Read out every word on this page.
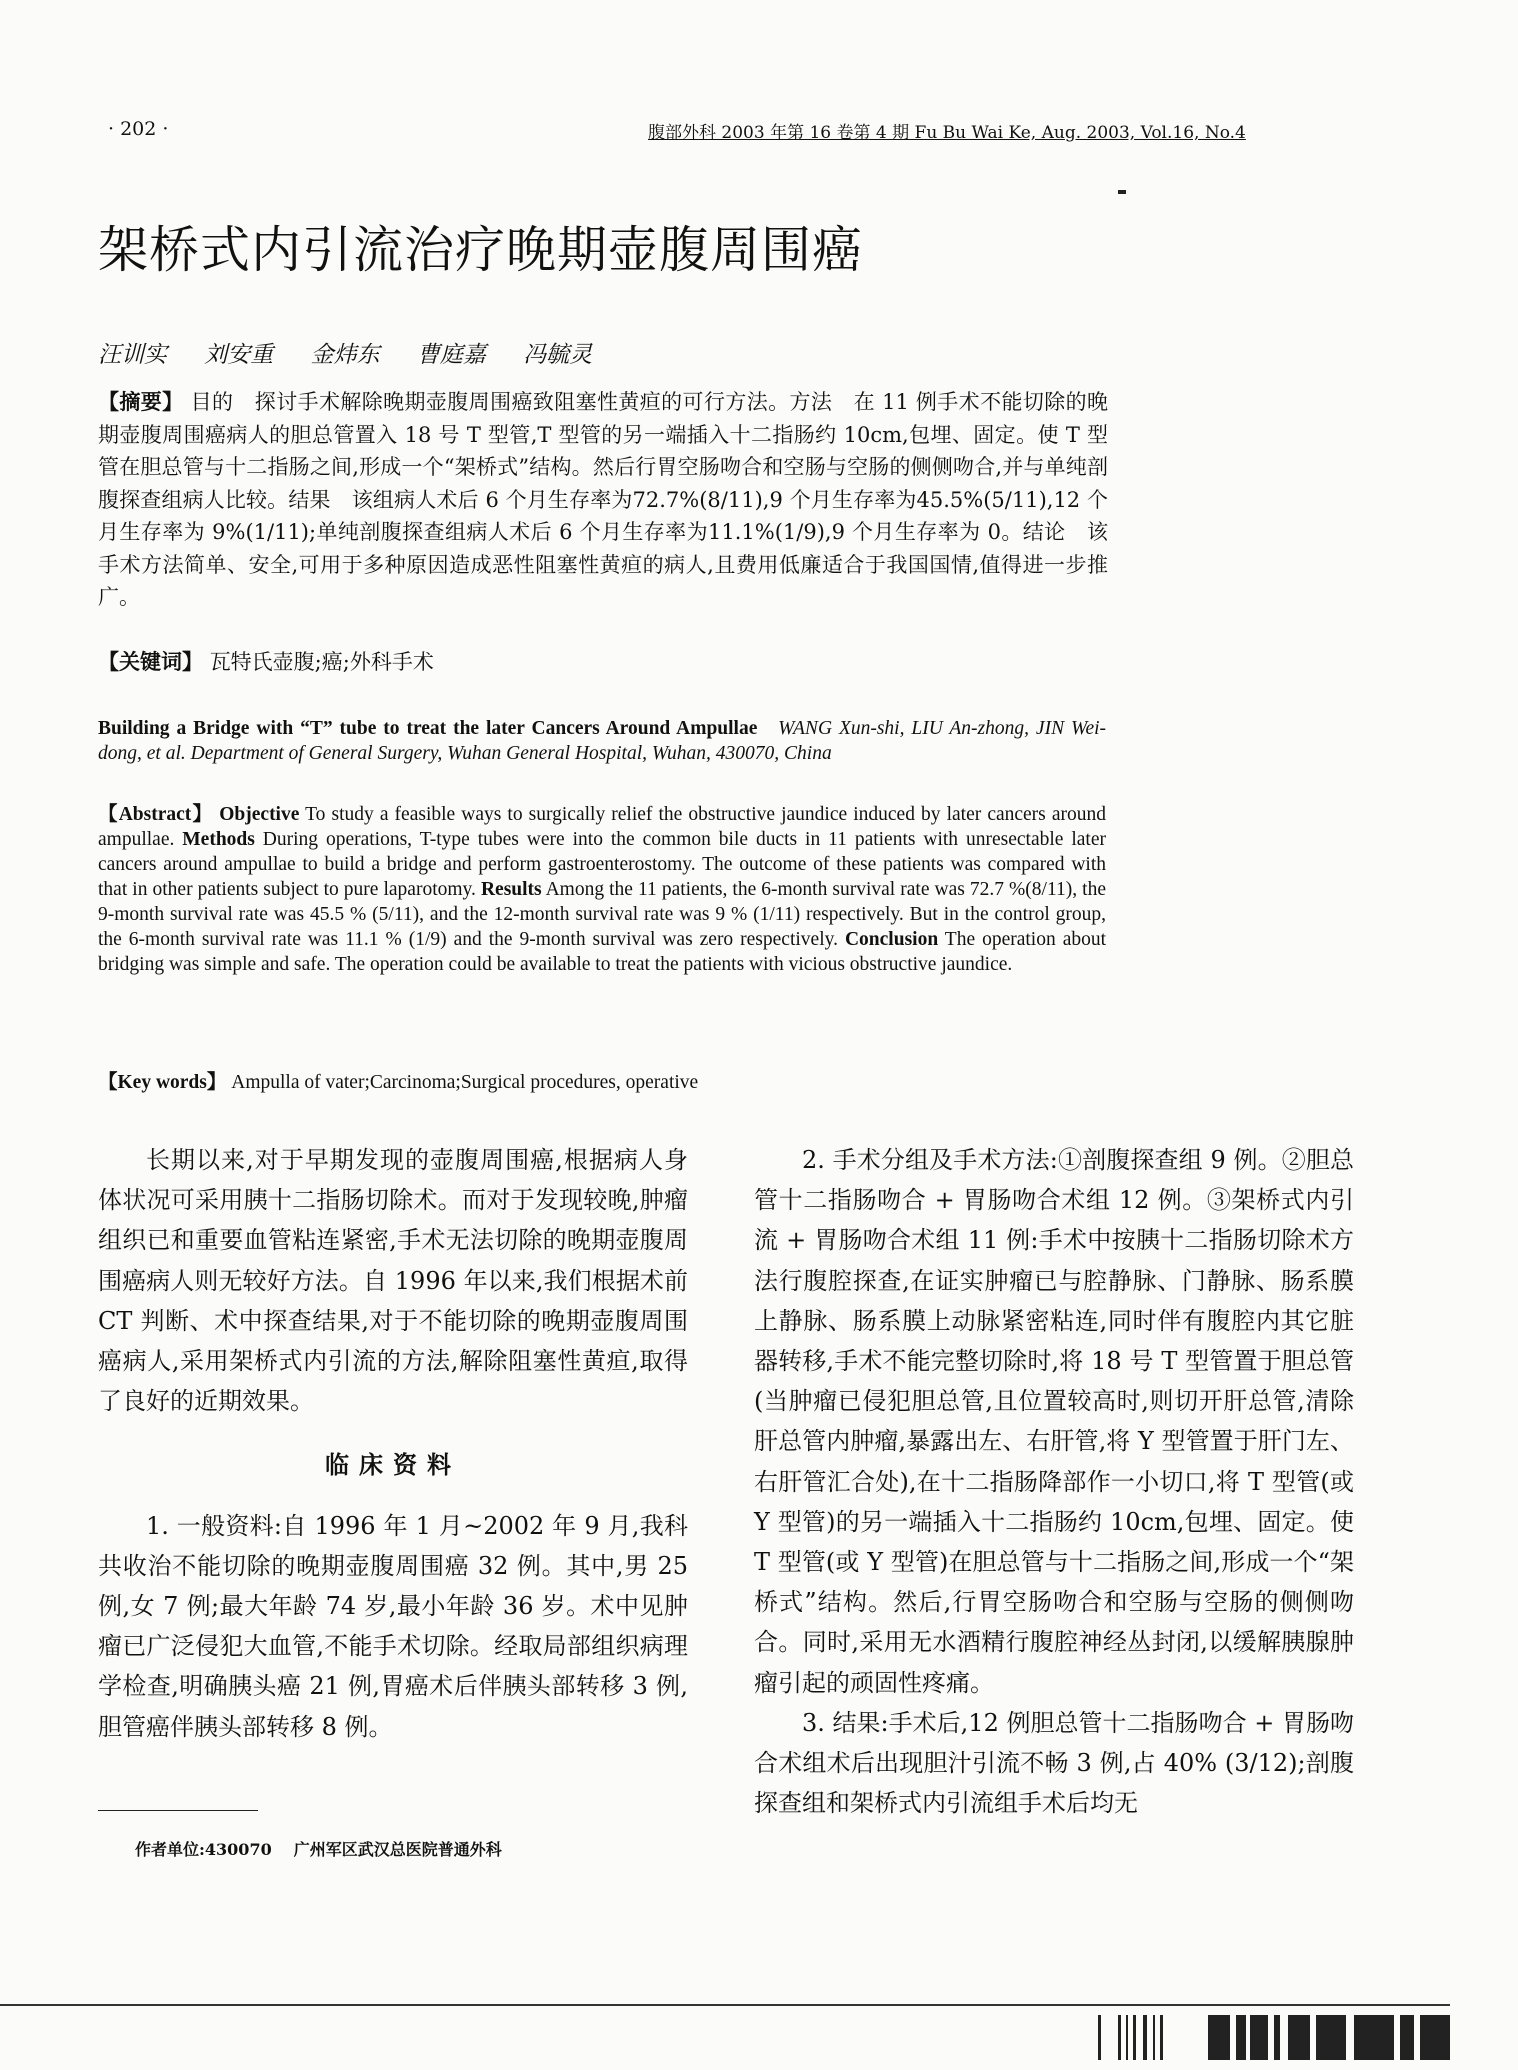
· 202 ·	腹部外科 2003 年第 16 卷第 4 期 Fu Bu Wai Ke, Aug. 2003, Vol.16, No.4
架桥式内引流治疗晚期壶腹周围癌
汪训实 刘安重 金炜东 曹庭嘉 冯毓灵
【摘要】 目的　探讨手术解除晚期壶腹周围癌致阻塞性黄疸的可行方法。方法　在 11 例手术不能切除的晚期壶腹周围癌病人的胆总管置入 18 号 T 型管,T 型管的另一端插入十二指肠约 10cm,包埋、固定。使 T 型管在胆总管与十二指肠之间,形成一个“架桥式”结构。然后行胃空肠吻合和空肠与空肠的侧侧吻合,并与单纯剖腹探查组病人比较。结果　该组病人术后 6 个月生存率为72.7%(8/11),9 个月生存率为45.5%(5/11),12 个月生存率为 9%(1/11);单纯剖腹探查组病人术后 6 个月生存率为11.1%(1/9),9 个月生存率为 0。结论　该手术方法简单、安全,可用于多种原因造成恶性阻塞性黄疸的病人,且费用低廉适合于我国国情,值得进一步推广。
【关键词】 瓦特氏壶腹;癌;外科手术
Building a Bridge with “T” tube to treat the later Cancers Around Ampullae WANG Xun-shi, LIU An-zhong, JIN Wei-dong, et al. Department of General Surgery, Wuhan General Hospital, Wuhan, 430070, China
【Abstract】 Objective To study a feasible ways to surgically relief the obstructive jaundice induced by later cancers around ampullae. Methods During operations, T-type tubes were into the common bile ducts in 11 patients with unresectable later cancers around ampullae to build a bridge and perform gastroenterostomy. The outcome of these patients was compared with that in other patients subject to pure laparotomy. Results Among the 11 patients, the 6-month survival rate was 72.7 %(8/11), the 9-month survival rate was 45.5 % (5/11), and the 12-month survival rate was 9 % (1/11) respectively. But in the control group, the 6-month survival rate was 11.1 % (1/9) and the 9-month survival was zero respectively. Conclusion The operation about bridging was simple and safe. The operation could be available to treat the patients with vicious obstructive jaundice.
【Key words】 Ampulla of vater;Carcinoma;Surgical procedures, operative

长期以来,对于早期发现的壶腹周围癌,根据病人身体状况可采用胰十二指肠切除术。而对于发现较晚,肿瘤组织已和重要血管粘连紧密,手术无法切除的晚期壶腹周围癌病人则无较好方法。自 1996 年以来,我们根据术前 CT 判断、术中探查结果,对于不能切除的晚期壶腹周围癌病人,采用架桥式内引流的方法,解除阻塞性黄疸,取得了良好的近期效果。

临床资料

1. 一般资料:自 1996 年 1 月~2002 年 9 月,我科共收治不能切除的晚期壶腹周围癌 32 例。其中,男 25 例,女 7 例;最大年龄 74 岁,最小年龄 36 岁。术中见肿瘤已广泛侵犯大血管,不能手术切除。经取局部组织病理学检查,明确胰头癌 21 例,胃癌术后伴胰头部转移 3 例,胆管癌伴胰头部转移 8 例。

2. 手术分组及手术方法:①剖腹探查组 9 例。②胆总管十二指肠吻合 + 胃肠吻合术组 12 例。③架桥式内引流 + 胃肠吻合术组 11 例:手术中按胰十二指肠切除术方法行腹腔探查,在证实肿瘤已与腔静脉、门静脉、肠系膜上静脉、肠系膜上动脉紧密粘连,同时伴有腹腔内其它脏器转移,手术不能完整切除时,将 18 号 T 型管置于胆总管(当肿瘤已侵犯胆总管,且位置较高时,则切开肝总管,清除肝总管内肿瘤,暴露出左、右肝管,将 Y 型管置于肝门左、右肝管汇合处),在十二指肠降部作一小切口,将 T 型管(或 Y 型管)的另一端插入十二指肠约 10cm,包埋、固定。使 T 型管(或 Y 型管)在胆总管与十二指肠之间,形成一个“架桥式”结构。然后,行胃空肠吻合和空肠与空肠的侧侧吻合。同时,采用无水酒精行腹腔神经丛封闭,以缓解胰腺肿瘤引起的顽固性疼痛。

3. 结果:手术后,12 例胆总管十二指肠吻合 + 胃肠吻合术组术后出现胆汁引流不畅 3 例,占 40% (3/12);剖腹探查组和架桥式内引流组手术后均无

作者单位:430070 广州军区武汉总医院普通外科
